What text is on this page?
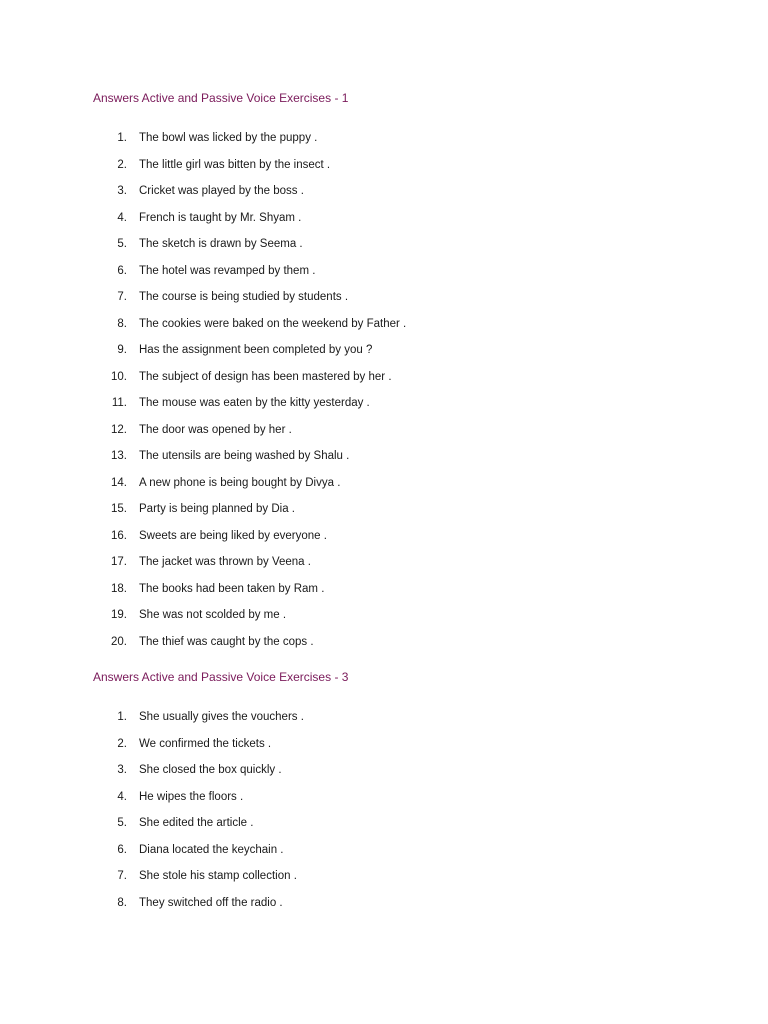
Answers Active and Passive Voice Exercises - 1
1. The bowl was licked by the puppy .
2. The little girl was bitten by the insect .
3. Cricket was played by the boss .
4. French is taught by Mr. Shyam .
5. The sketch is drawn by Seema .
6. The hotel was revamped by them .
7. The course is being studied by students .
8. The cookies were baked on the weekend by Father .
9. Has the assignment been completed by you ?
10. The subject of design has been mastered by her .
11. The mouse was eaten by the kitty yesterday .
12. The door was opened by her .
13. The utensils are being washed by Shalu .
14. A new phone is being bought by Divya .
15. Party is being planned by Dia .
16. Sweets are being liked by everyone .
17. The jacket was thrown by Veena .
18. The books had been taken by Ram .
19. She was not scolded by me .
20. The thief was caught by the cops .
Answers Active and Passive Voice Exercises - 3
1. She usually gives the vouchers .
2. We confirmed the tickets .
3. She closed the box quickly .
4. He wipes the floors .
5. She edited the article .
6. Diana located the keychain .
7. She stole his stamp collection .
8. They switched off the radio .
